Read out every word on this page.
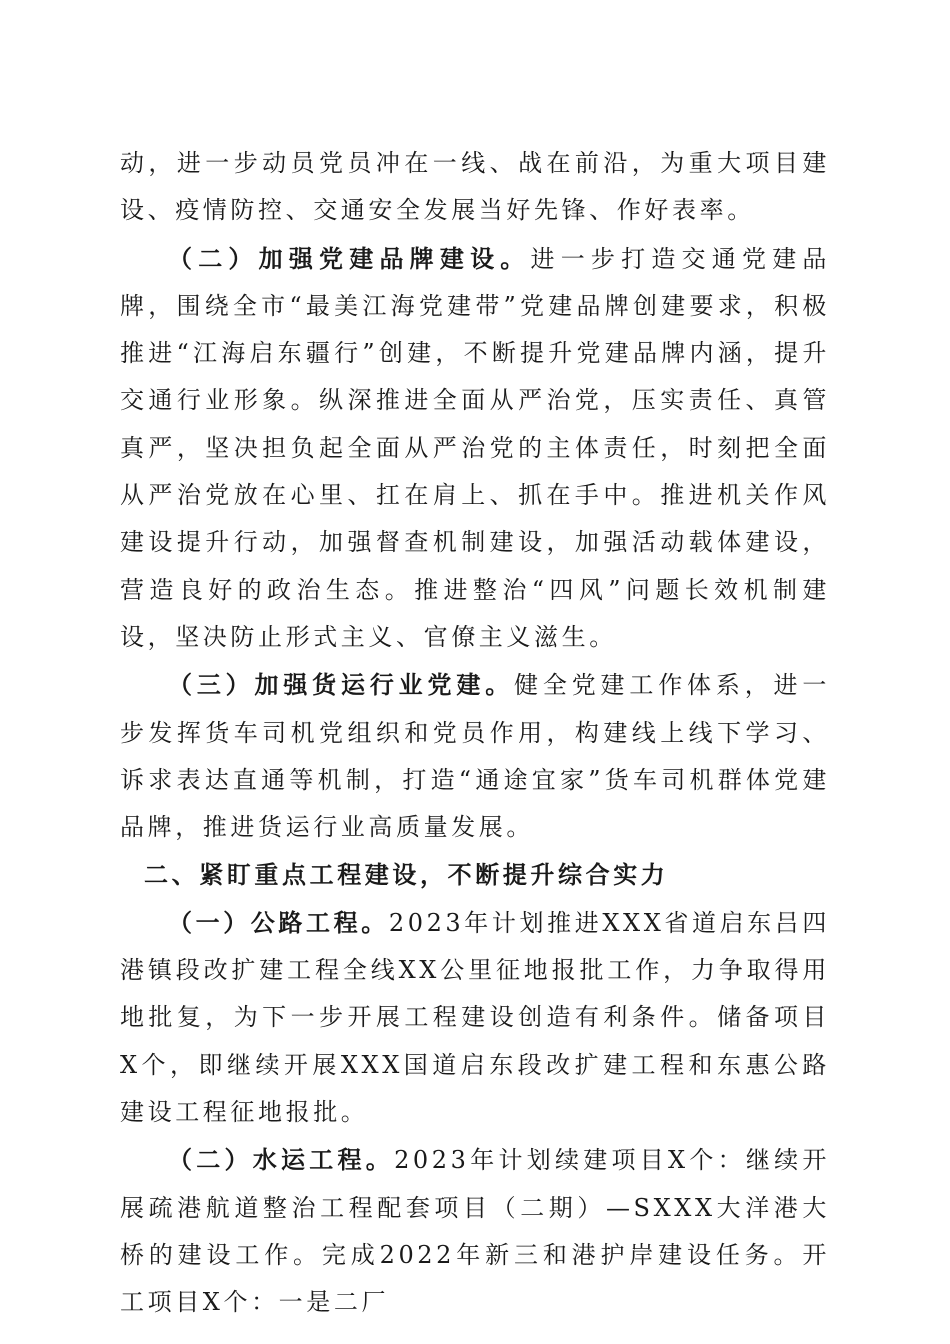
动，进一步动员党员冲在一线、战在前沿，为重大项目建设、疫情防控、交通安全发展当好先锋、作好表率。

（二）加强党建品牌建设。进一步打造交通党建品牌，围绕全市“最美江海党建带”党建品牌创建要求，积极推进“江海启东疆行”创建，不断提升党建品牌内涵，提升交通行业形象。纵深推进全面从严治党，压实责任、真管真严，坚决担负起全面从严治党的主体责任，时刻把全面从严治党放在心里、扛在肩上、抓在手中。推进机关作风建设提升行动，加强督查机制建设，加强活动载体建设，营造良好的政治生态。推进整治“四风”问题长效机制建设，坚决防止形式主义、官僚主义滋生。

（三）加强货运行业党建。健全党建工作体系，进一步发挥货车司机党组织和党员作用，构建线上线下学习、诉求表达直通等机制，打造“通途宜家”货车司机群体党建品牌，推进货运行业高质量发展。

二、紧盯重点工程建设，不断提升综合实力

（一）公路工程。2023年计划推进XXX省道启东吕四港镇段改扩建工程全线XX公里征地报批工作，力争取得用地批复，为下一步开展工程建设创造有利条件。储备项目X个，即继续开展XXX国道启东段改扩建工程和东惠公路建设工程征地报批。

（二）水运工程。2023年计划续建项目X个：继续开展疏港航道整治工程配套项目（二期）—SXXX大洋港大桥的建设工作。完成2022年新三和港护岸建设任务。开工项目X个：一是二厂
